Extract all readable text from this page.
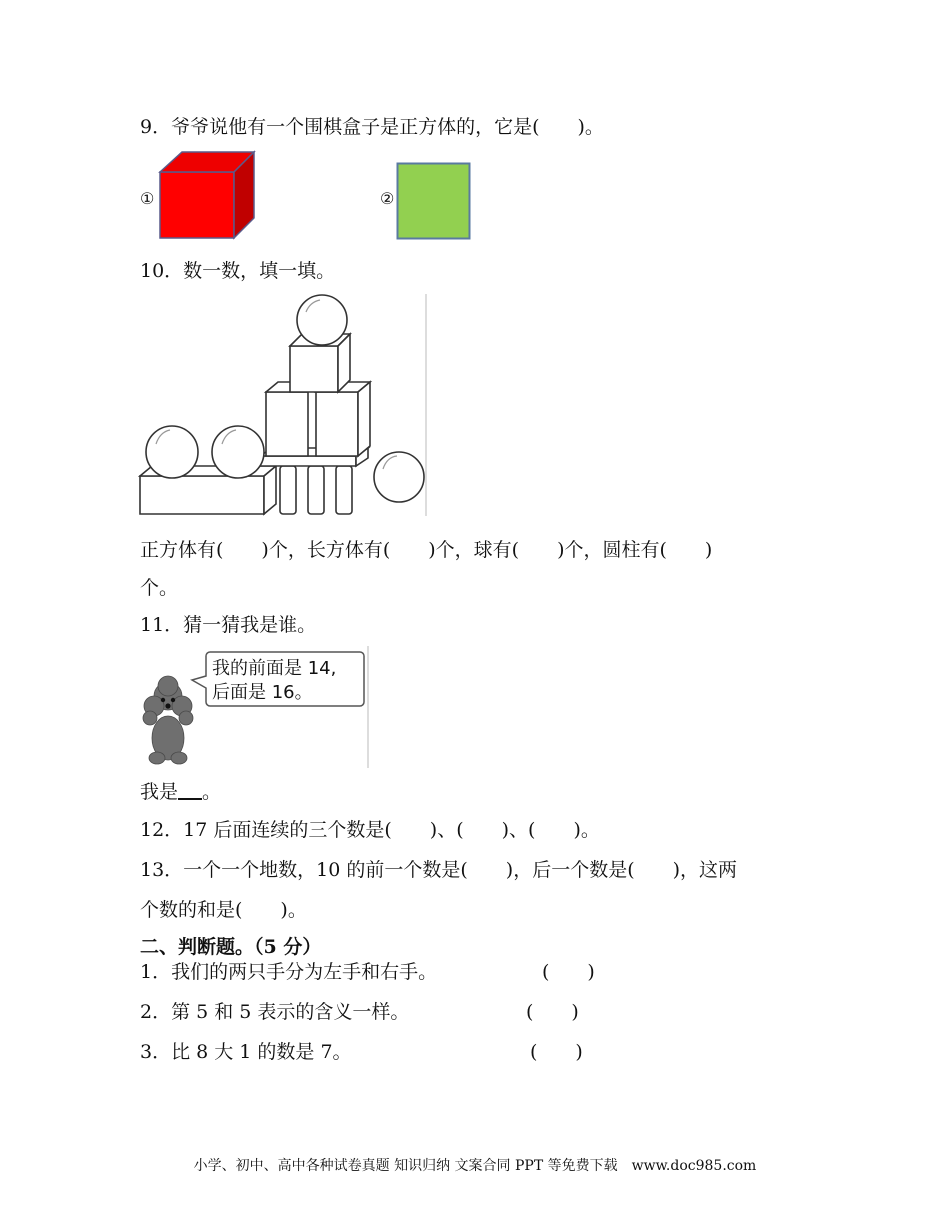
9．爷爷说他有一个围棋盒子是正方体的，它是(　　)。
①	②
10．数一数，填一填。
正方体有(　　)个，长方体有(　　)个，球有(　　)个，圆柱有(　　)
个。
11．猜一猜我是谁。
我的前面是 14,
后面是 16。
我是 。
12．17 后面连续的三个数是(　　)、(　　)、(　　)。
13．一个一个地数，10 的前一个数是(　　)，后一个数是(　　)，这两
个数的和是(　　)。
二、判断题。（5 分）
1．我们的两只手分为左手和右手。	(　　)
2．第 5 和 5 表示的含义一样。	(　　)
3．比 8 大 1 的数是 7。	(　　)
小学、初中、高中各种试卷真题 知识归纳 文案合同 PPT 等免费下载　www.doc985.com
